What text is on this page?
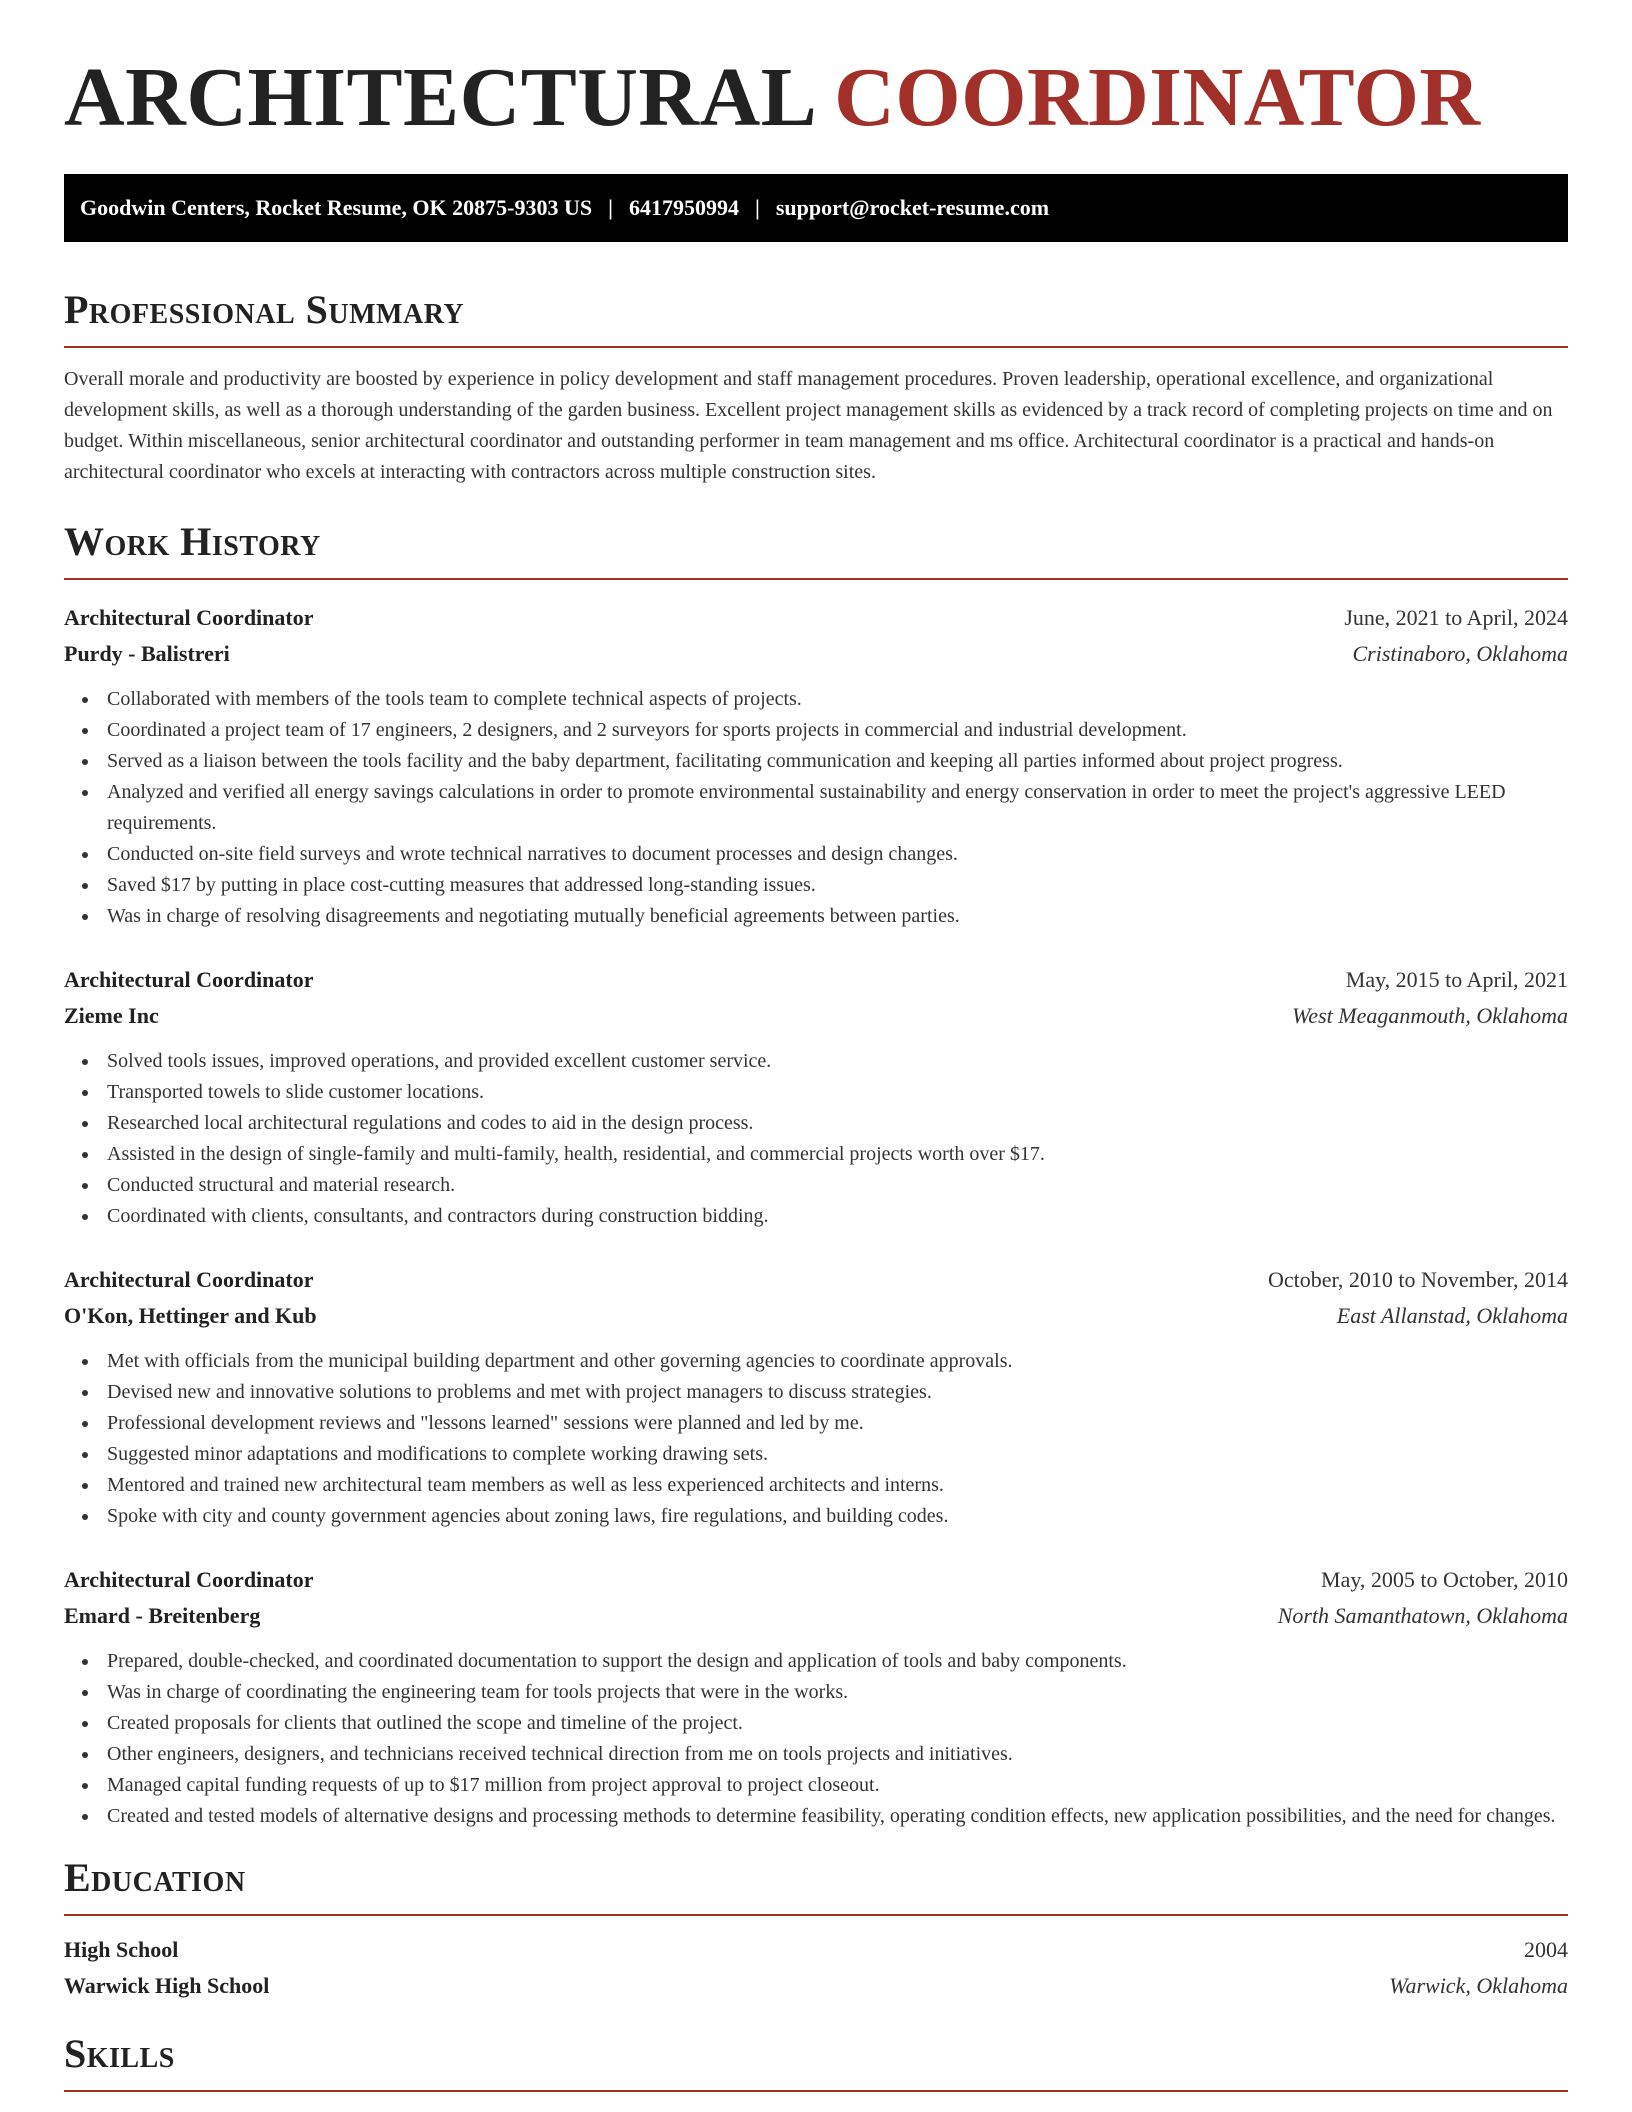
ARCHITECTURAL COORDINATOR
Goodwin Centers, Rocket Resume, OK 20875-9303 US | 6417950994 | support@rocket-resume.com
Professional Summary

Overall morale and productivity are boosted by experience in policy development and staff management procedures. Proven leadership, operational excellence, and organizational development skills, as well as a thorough understanding of the garden business. Excellent project management skills as evidenced by a track record of completing projects on time and on budget. Within miscellaneous, senior architectural coordinator and outstanding performer in team management and ms office. Architectural coordinator is a practical and hands-on architectural coordinator who excels at interacting with contractors across multiple construction sites.

Work History
Architectural Coordinator	June, 2021 to April, 2024
Purdy - Balistreri	Cristinaboro, Oklahoma
Collaborated with members of the tools team to complete technical aspects of projects.
Coordinated a project team of 17 engineers, 2 designers, and 2 surveyors for sports projects in commercial and industrial development.
Served as a liaison between the tools facility and the baby department, facilitating communication and keeping all parties informed about project progress.
Analyzed and verified all energy savings calculations in order to promote environmental sustainability and energy conservation in order to meet the project's aggressive LEED requirements.
Conducted on-site field surveys and wrote technical narratives to document processes and design changes.
Saved $17 by putting in place cost-cutting measures that addressed long-standing issues.
Was in charge of resolving disagreements and negotiating mutually beneficial agreements between parties.
Architectural Coordinator	May, 2015 to April, 2021
Zieme Inc	West Meaganmouth, Oklahoma
Solved tools issues, improved operations, and provided excellent customer service.
Transported towels to slide customer locations.
Researched local architectural regulations and codes to aid in the design process.
Assisted in the design of single-family and multi-family, health, residential, and commercial projects worth over $17.
Conducted structural and material research.
Coordinated with clients, consultants, and contractors during construction bidding.
Architectural Coordinator	October, 2010 to November, 2014
O'Kon, Hettinger and Kub	East Allanstad, Oklahoma
Met with officials from the municipal building department and other governing agencies to coordinate approvals.
Devised new and innovative solutions to problems and met with project managers to discuss strategies.
Professional development reviews and "lessons learned" sessions were planned and led by me.
Suggested minor adaptations and modifications to complete working drawing sets.
Mentored and trained new architectural team members as well as less experienced architects and interns.
Spoke with city and county government agencies about zoning laws, fire regulations, and building codes.
Architectural Coordinator	May, 2005 to October, 2010
Emard - Breitenberg	North Samanthatown, Oklahoma
Prepared, double-checked, and coordinated documentation to support the design and application of tools and baby components.
Was in charge of coordinating the engineering team for tools projects that were in the works.
Created proposals for clients that outlined the scope and timeline of the project.
Other engineers, designers, and technicians received technical direction from me on tools projects and initiatives.
Managed capital funding requests of up to $17 million from project approval to project closeout.
Created and tested models of alternative designs and processing methods to determine feasibility, operating condition effects, new application possibilities, and the need for changes.
Education
High School	2004
Warwick High School	Warwick, Oklahoma
Skills
